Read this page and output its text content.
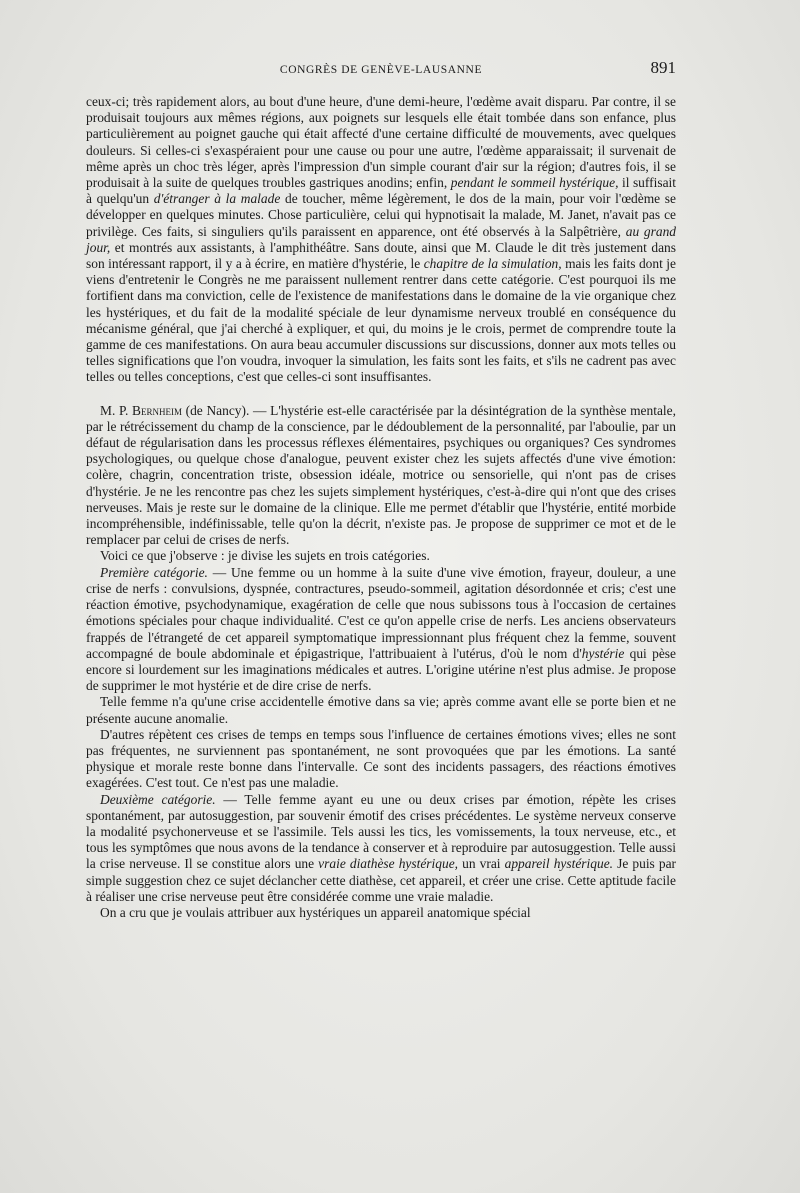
CONGRÈS DE GENÈVE-LAUSANNE	891

ceux-ci; très rapidement alors, au bout d'une heure, d'une demi-heure, l'œdème avait disparu. Par contre, il se produisait toujours aux mêmes régions, aux poignets sur lesquels elle était tombée dans son enfance, plus particulièrement au poignet gauche qui était affecté d'une certaine difficulté de mouvements, avec quelques douleurs. Si celles-ci s'exaspéraient pour une cause ou pour une autre, l'œdème apparaissait; il survenait de même après un choc très léger, après l'impression d'un simple courant d'air sur la région; d'autres fois, il se produisait à la suite de quelques troubles gastriques anodins; enfin, pendant le sommeil hystérique, il suffisait à quelqu'un d'étranger à la malade de toucher, même légèrement, le dos de la main, pour voir l'œdème se développer en quelques minutes. Chose particulière, celui qui hypnotisait la malade, M. Janet, n'avait pas ce privilège. Ces faits, si singuliers qu'ils paraissent en apparence, ont été observés à la Salpêtrière, au grand jour, et montrés aux assistants, à l'amphithéâtre. Sans doute, ainsi que M. Claude le dit très justement dans son intéressant rapport, il y a à écrire, en matière d'hystérie, le chapitre de la simulation, mais les faits dont je viens d'entretenir le Congrès ne me paraissent nullement rentrer dans cette catégorie. C'est pourquoi ils me fortifient dans ma conviction, celle de l'existence de manifestations dans le domaine de la vie organique chez les hystériques, et du fait de la modalité spéciale de leur dynamisme nerveux troublé en conséquence du mécanisme général, que j'ai cherché à expliquer, et qui, du moins je le crois, permet de comprendre toute la gamme de ces manifestations. On aura beau accumuler discussions sur discussions, donner aux mots telles ou telles significations que l'on voudra, invoquer la simulation, les faits sont les faits, et s'ils ne cadrent pas avec telles ou telles conceptions, c'est que celles-ci sont insuffisantes.

M. P. Bernheim (de Nancy). — L'hystérie est-elle caractérisée par la désintégration de la synthèse mentale, par le rétrécissement du champ de la conscience, par le dédoublement de la personnalité, par l'aboulie, par un défaut de régularisation dans les processus réflexes élémentaires, psychiques ou organiques? Ces syndromes psychologiques, ou quelque chose d'analogue, peuvent exister chez les sujets affectés d'une vive émotion: colère, chagrin, concentration triste, obsession idéale, motrice ou sensorielle, qui n'ont pas de crises d'hystérie. Je ne les rencontre pas chez les sujets simplement hystériques, c'est-à-dire qui n'ont que des crises nerveuses. Mais je reste sur le domaine de la clinique. Elle me permet d'établir que l'hystérie, entité morbide incompréhensible, indéfinissable, telle qu'on la décrit, n'existe pas. Je propose de supprimer ce mot et de le remplacer par celui de crises de nerfs.

Voici ce que j'observe : je divise les sujets en trois catégories.

Première catégorie. — Une femme ou un homme à la suite d'une vive émotion, frayeur, douleur, a une crise de nerfs : convulsions, dyspnée, contractures, pseudo-sommeil, agitation désordonnée et cris; c'est une réaction émotive, psychodynamique, exagération de celle que nous subissons tous à l'occasion de certaines émotions spéciales pour chaque individualité. C'est ce qu'on appelle crise de nerfs. Les anciens observateurs frappés de l'étrangeté de cet appareil symptomatique impressionnant plus fréquent chez la femme, souvent accompagné de boule abdominale et épigastrique, l'attribuaient à l'utérus, d'où le nom d'hystérie qui pèse encore si lourdement sur les imaginations médicales et autres. L'origine utérine n'est plus admise. Je propose de supprimer le mot hystérie et de dire crise de nerfs.

Telle femme n'a qu'une crise accidentelle émotive dans sa vie; après comme avant elle se porte bien et ne présente aucune anomalie.

D'autres répètent ces crises de temps en temps sous l'influence de certaines émotions vives; elles ne sont pas fréquentes, ne surviennent pas spontanément, ne sont provoquées que par les émotions. La santé physique et morale reste bonne dans l'intervalle. Ce sont des incidents passagers, des réactions émotives exagérées. C'est tout. Ce n'est pas une maladie.

Deuxième catégorie. — Telle femme ayant eu une ou deux crises par émotion, répète les crises spontanément, par autosuggestion, par souvenir émotif des crises précédentes. Le système nerveux conserve la modalité psychonerveuse et se l'assimile. Tels aussi les tics, les vomissements, la toux nerveuse, etc., et tous les symptômes que nous avons de la tendance à conserver et à reproduire par autosuggestion. Telle aussi la crise nerveuse. Il se constitue alors une vraie diathèse hystérique, un vrai appareil hystérique. Je puis par simple suggestion chez ce sujet déclancher cette diathèse, cet appareil, et créer une crise. Cette aptitude facile à réaliser une crise nerveuse peut être considérée comme une vraie maladie.

On a cru que je voulais attribuer aux hystériques un appareil anatomique spécial
